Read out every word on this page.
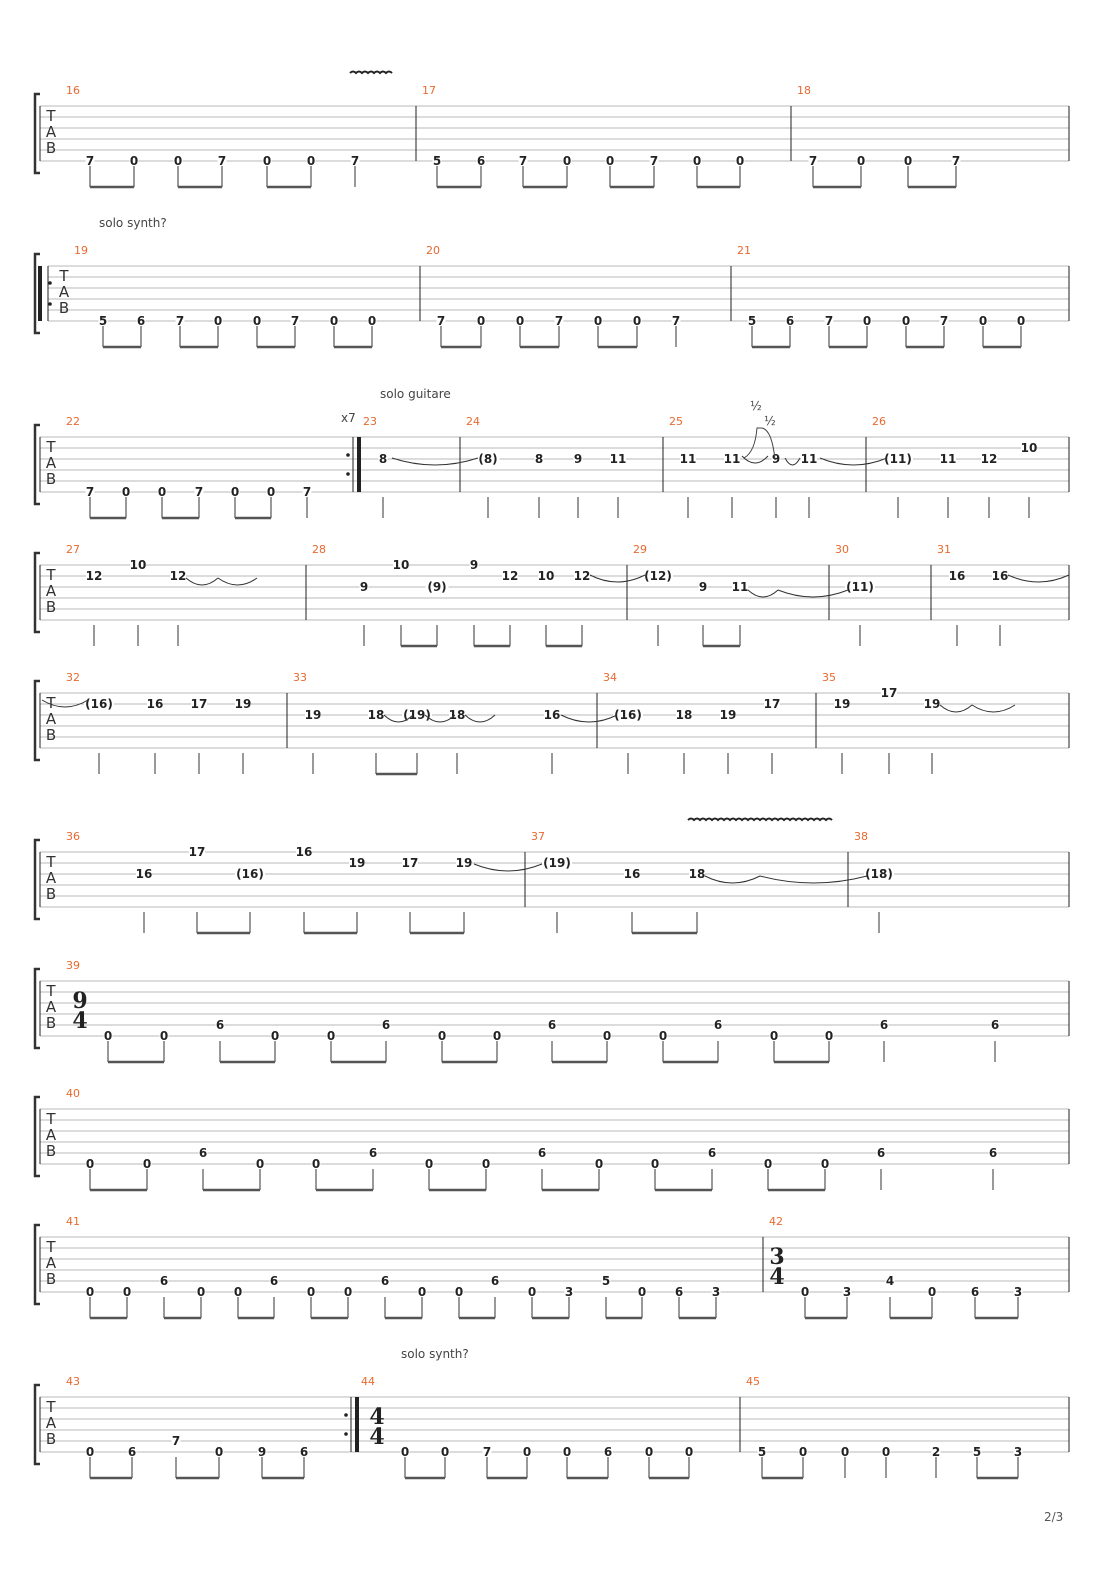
T
A
B
16
7	0	0	7	0	0	7
17
5	6	7	0	0	7	0	0
18
7	0	0	7
T
A
B
19
5 6	7 0	0 7	0 0
20
7	0	0	7	0	0	7
21
5 6	7 0	0 7	0 0
solo synth?
T
A
B
22
7 0 0 7 0 0 7
23
8
24
(8)	8	9 11
25
11 11	9 11
26
(11) 11 12
10
solo guitare
x7
½
½
T
A
B
27
12
10
12
28
9
10
(9)
9
12 10 12
29
(12)
9 11
30
(11)
31
16 16
T
A
B
32
(16)	16 17 19
33
19	18 (19) 18	16
34
(16)	18 19
17
35
19
17
19
T
A
B
36
16
17
(16)
16
19	17	19
37
(19)
16	18
38
(18)
T
A
B
39
0	0
6
0	0
6
0	0
6
0	0
6
0	0
6	6
9
4
T
A
B
40
0	0
6
0	0
6
0	0
6
0	0
6
0	0
6	6
T
A
B
41
0 0
6
0 0
6
0 0
6
0 0
6
0 3
5
0 6 3
42
0	3
4
0	6	3
3
4
T
A
B
43
0	6
7
0	9	6
44
0	0	7	0	0	6	0	0
45
5	0	0	0	2	5	3
solo synth?
4
4
2/3
